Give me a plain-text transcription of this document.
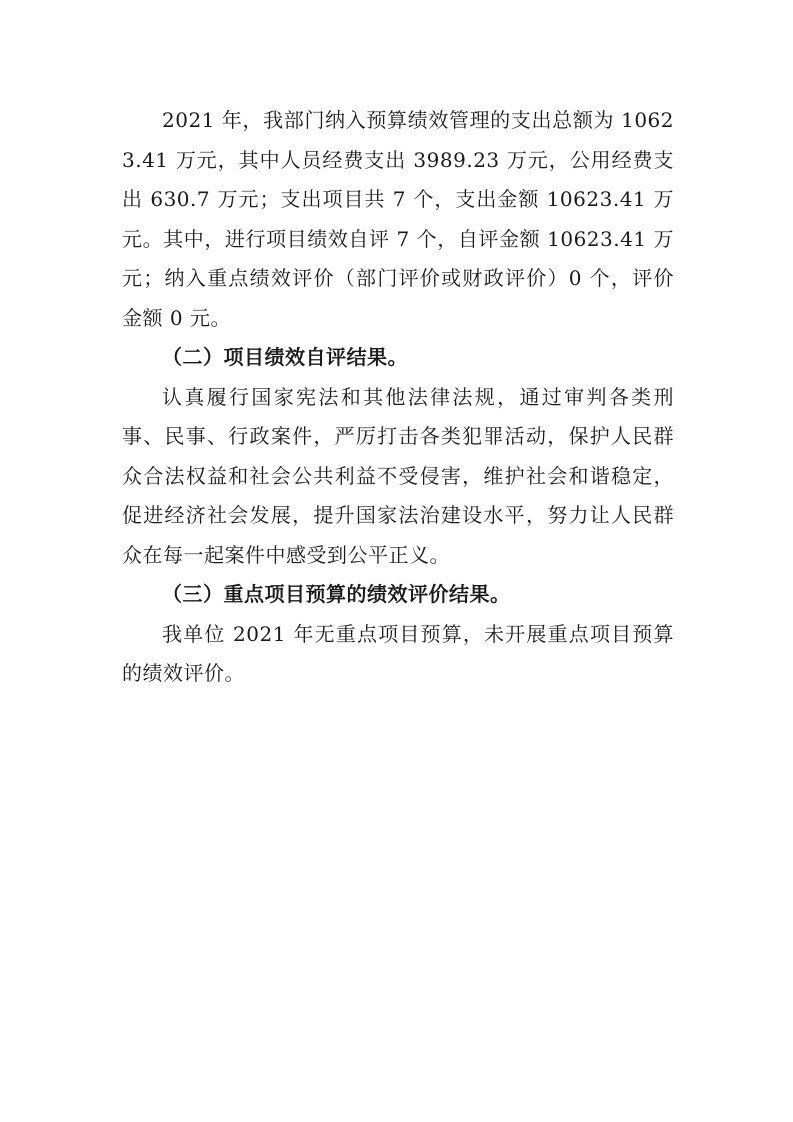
2021 年，我部门纳入预算绩效管理的支出总额为 10623.41 万元，其中人员经费支出 3989.23 万元，公用经费支出 630.7 万元；支出项目共 7 个，支出金额 10623.41 万元。其中，进行项目绩效自评 7 个，自评金额 10623.41 万元；纳入重点绩效评价（部门评价或财政评价）0 个，评价金额 0 元。

（二）项目绩效自评结果。

认真履行国家宪法和其他法律法规，通过审判各类刑事、民事、行政案件，严厉打击各类犯罪活动，保护人民群众合法权益和社会公共利益不受侵害，维护社会和谐稳定，促进经济社会发展，提升国家法治建设水平，努力让人民群众在每一起案件中感受到公平正义。

（三）重点项目预算的绩效评价结果。

我单位 2021 年无重点项目预算，未开展重点项目预算的绩效评价。
